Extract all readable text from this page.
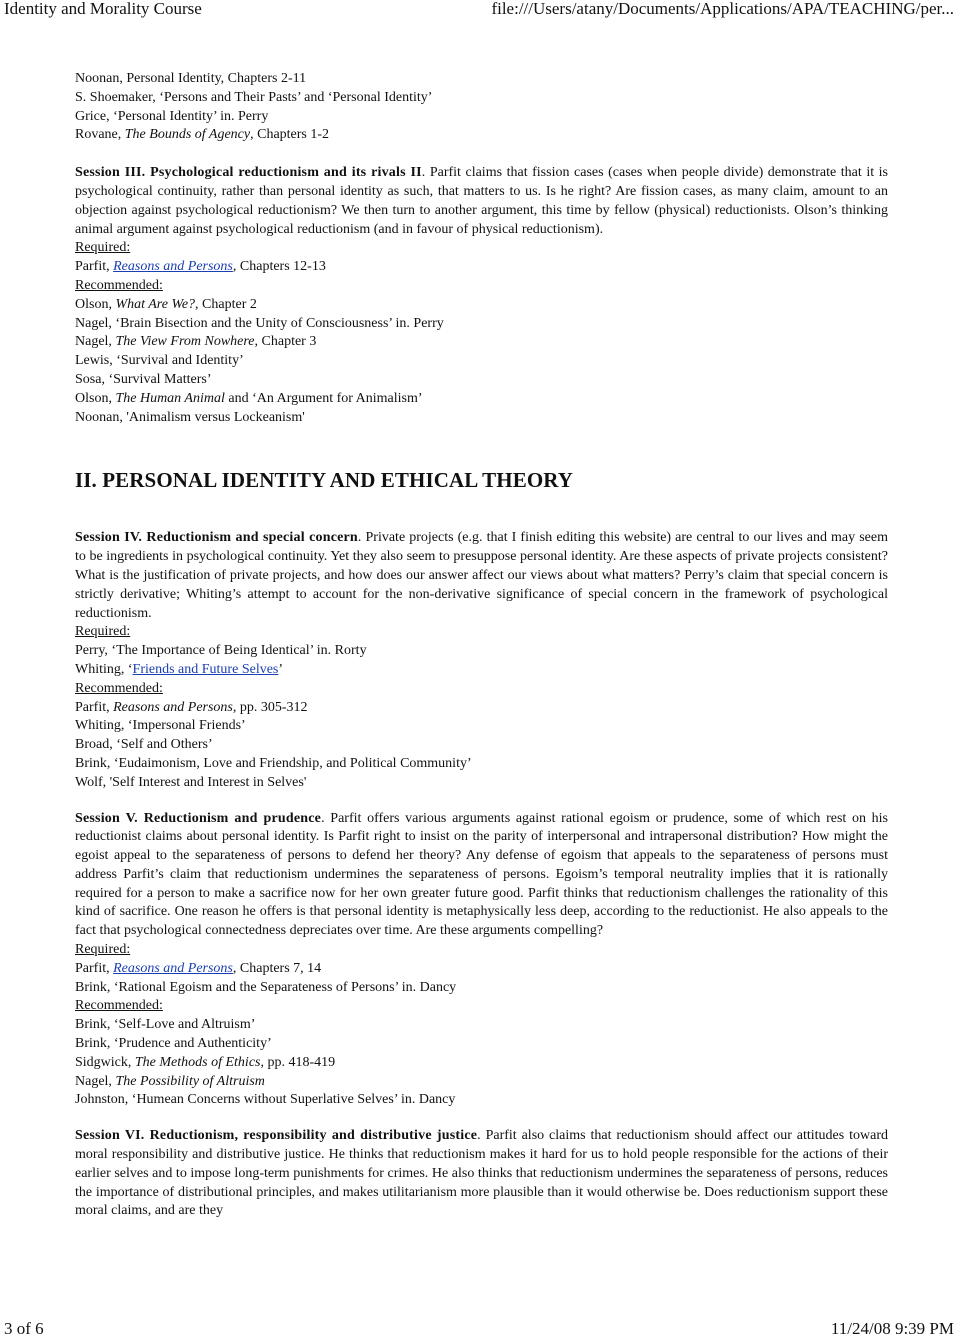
Identity and Morality Course	file:///Users/atany/Documents/Applications/APA/TEACHING/per...
Noonan, Personal Identity, Chapters 2-11
S. Shoemaker, ‘Persons and Their Pasts’ and ‘Personal Identity’
Grice, ‘Personal Identity’ in. Perry
Rovane, The Bounds of Agency, Chapters 1-2
Session III. Psychological reductionism and its rivals II. Parfit claims that fission cases (cases when people divide) demonstrate that it is psychological continuity, rather than personal identity as such, that matters to us. Is he right? Are fission cases, as many claim, amount to an objection against psychological reductionism? We then turn to another argument, this time by fellow (physical) reductionists. Olson’s thinking animal argument against psychological reductionism (and in favour of physical reductionism).
Required:
Parfit, Reasons and Persons, Chapters 12-13
Recommended:
Olson, What Are We?, Chapter 2
Nagel, ‘Brain Bisection and the Unity of Consciousness’ in. Perry
Nagel, The View From Nowhere, Chapter 3
Lewis, ‘Survival and Identity’
Sosa, ‘Survival Matters’
Olson, The Human Animal and ‘An Argument for Animalism’
Noonan, 'Animalism versus Lockeanism'
II. PERSONAL IDENTITY AND ETHICAL THEORY
Session IV. Reductionism and special concern. Private projects (e.g. that I finish editing this website) are central to our lives and may seem to be ingredients in psychological continuity. Yet they also seem to presuppose personal identity. Are these aspects of private projects consistent? What is the justification of private projects, and how does our answer affect our views about what matters? Perry’s claim that special concern is strictly derivative; Whiting’s attempt to account for the non-derivative significance of special concern in the framework of psychological reductionism.
Required:
Perry, ‘The Importance of Being Identical’ in. Rorty
Whiting, ‘Friends and Future Selves’
Recommended:
Parfit, Reasons and Persons, pp. 305-312
Whiting, ‘Impersonal Friends’
Broad, ‘Self and Others’
Brink, ‘Eudaimonism, Love and Friendship, and Political Community’
Wolf, 'Self Interest and Interest in Selves'
Session V. Reductionism and prudence. Parfit offers various arguments against rational egoism or prudence, some of which rest on his reductionist claims about personal identity. Is Parfit right to insist on the parity of interpersonal and intrapersonal distribution? How might the egoist appeal to the separateness of persons to defend her theory? Any defense of egoism that appeals to the separateness of persons must address Parfit’s claim that reductionism undermines the separateness of persons. Egoism’s temporal neutrality implies that it is rationally required for a person to make a sacrifice now for her own greater future good. Parfit thinks that reductionism challenges the rationality of this kind of sacrifice. One reason he offers is that personal identity is metaphysically less deep, according to the reductionist. He also appeals to the fact that psychological connectedness depreciates over time. Are these arguments compelling?
Required:
Parfit, Reasons and Persons, Chapters 7, 14
Brink, ‘Rational Egoism and the Separateness of Persons’ in. Dancy
Recommended:
Brink, ‘Self-Love and Altruism’
Brink, ‘Prudence and Authenticity’
Sidgwick, The Methods of Ethics, pp. 418-419
Nagel, The Possibility of Altruism
Johnston, ‘Humean Concerns without Superlative Selves’ in. Dancy
Session VI. Reductionism, responsibility and distributive justice. Parfit also claims that reductionism should affect our attitudes toward moral responsibility and distributive justice. He thinks that reductionism makes it hard for us to hold people responsible for the actions of their earlier selves and to impose long-term punishments for crimes. He also thinks that reductionism undermines the separateness of persons, reduces the importance of distributional principles, and makes utilitarianism more plausible than it would otherwise be. Does reductionism support these moral claims, and are they
3 of 6	11/24/08 9:39 PM
